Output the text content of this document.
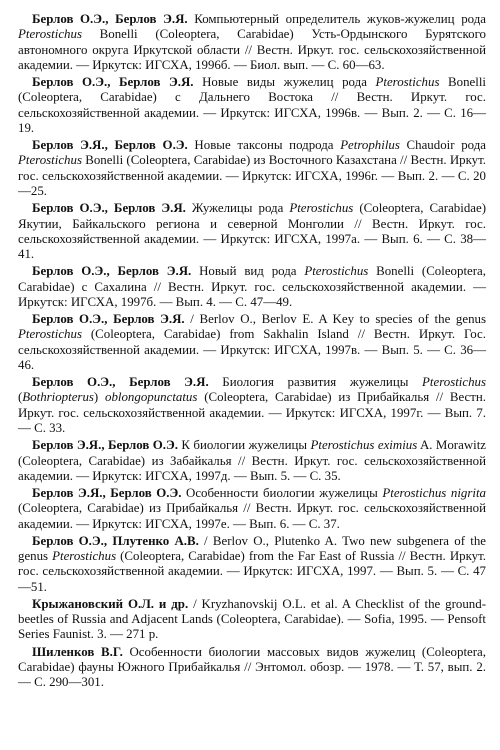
Берлов О.Э., Берлов Э.Я. Компьютерный определитель жуков-жужелиц рода Pterostichus Bonelli (Coleoptera, Carabidae) Усть-Ордынского Бурятского автономного округа Иркутской области // Вестн. Иркут. гос. сельскохозяйственной академии. — Иркутск: ИГСХА, 1996б. — Биол. вып. — С. 60—63.

Берлов О.Э., Берлов Э.Я. Новые виды жужелиц рода Pterostichus Bonelli (Coleoptera, Carabidae) с Дальнего Востока // Вестн. Иркут. гос. сельскохозяйственной академии. — Иркутск: ИГСХА, 1996в. — Вып. 2. — С. 16—19.

Берлов Э.Я., Берлов О.Э. Новые таксоны подрода Petrophilus Chaudoir рода Pterostichus Bonelli (Coleoptera, Carabidae) из Восточного Казахстана // Вестн. Иркут. гос. сельскохозяйственной академии. — Иркутск: ИГСХА, 1996г. — Вып. 2. — С. 20—25.

Берлов О.Э., Берлов Э.Я. Жужелицы рода Pterostichus (Coleoptera, Carabidae) Якутии, Байкальского региона и северной Монголии // Вестн. Иркут. гос. сельскохозяйственной академии. — Иркутск: ИГСХА, 1997а. — Вып. 6. — С. 38—41.

Берлов О.Э., Берлов Э.Я. Новый вид рода Pterostichus Bonelli (Coleoptera, Carabidae) с Сахалина // Вестн. Иркут. гос. сельскохозяйственной академии. — Иркутск: ИГСХА, 1997б. — Вып. 4. — С. 47—49.

Берлов О.Э., Берлов Э.Я. / Berlov O., Berlov E. A Key to species of the genus Pterostichus (Coleoptera, Carabidae) from Sakhalin Island // Вестн. Иркут. Гос. сельскохозяйственной академии. — Иркутск: ИГСХА, 1997в. — Вып. 5. — С. 36—46.

Берлов О.Э., Берлов Э.Я. Биология развития жужелицы Pterostichus (Bothriopterus) oblongopunctatus (Coleoptera, Carabidae) из Прибайкалья // Вестн. Иркут. гос. сельскохозяйственной академии. — Иркутск: ИГСХА, 1997г. — Вып. 7. — С. 33.

Берлов Э.Я., Берлов О.Э. К биологии жужелицы Pterostichus eximius A. Morawitz (Coleoptera, Carabidae) из Забайкалья // Вестн. Иркут. гос. сельскохозяйственной академии. — Иркутск: ИГСХА, 1997д. — Вып. 5. — С. 35.

Берлов Э.Я., Берлов О.Э. Особенности биологии жужелицы Pterostichus nigrita (Coleoptera, Carabidae) из Прибайкалья // Вестн. Иркут. гос. сельскохозяйственной академии. — Иркутск: ИГСХА, 1997е. — Вып. 6. — С. 37.

Берлов О.Э., Плутенко А.В. / Berlov O., Plutenko A. Two new subgenera of the genus Pterostichus (Coleoptera, Carabidae) from the Far East of Russia // Вестн. Иркут. гос. сельскохозяйственной академии. — Иркутск: ИГСХА, 1997. — Вып. 5. — С. 47—51.

Крыжановский О.Л. и др. / Kryzhanovskij O.L. et al. A Checklist of the ground-beetles of Russia and Adjacent Lands (Coleoptera, Carabidae). — Sofia, 1995. — Pensoft Series Faunist. 3. — 271 p.

Шиленков В.Г. Особенности биологии массовых видов жужелиц (Coleoptera, Carabidae) фауны Южного Прибайкалья // Энтомол. обозр. — 1978. — Т. 57, вып. 2. — С. 290—301.
